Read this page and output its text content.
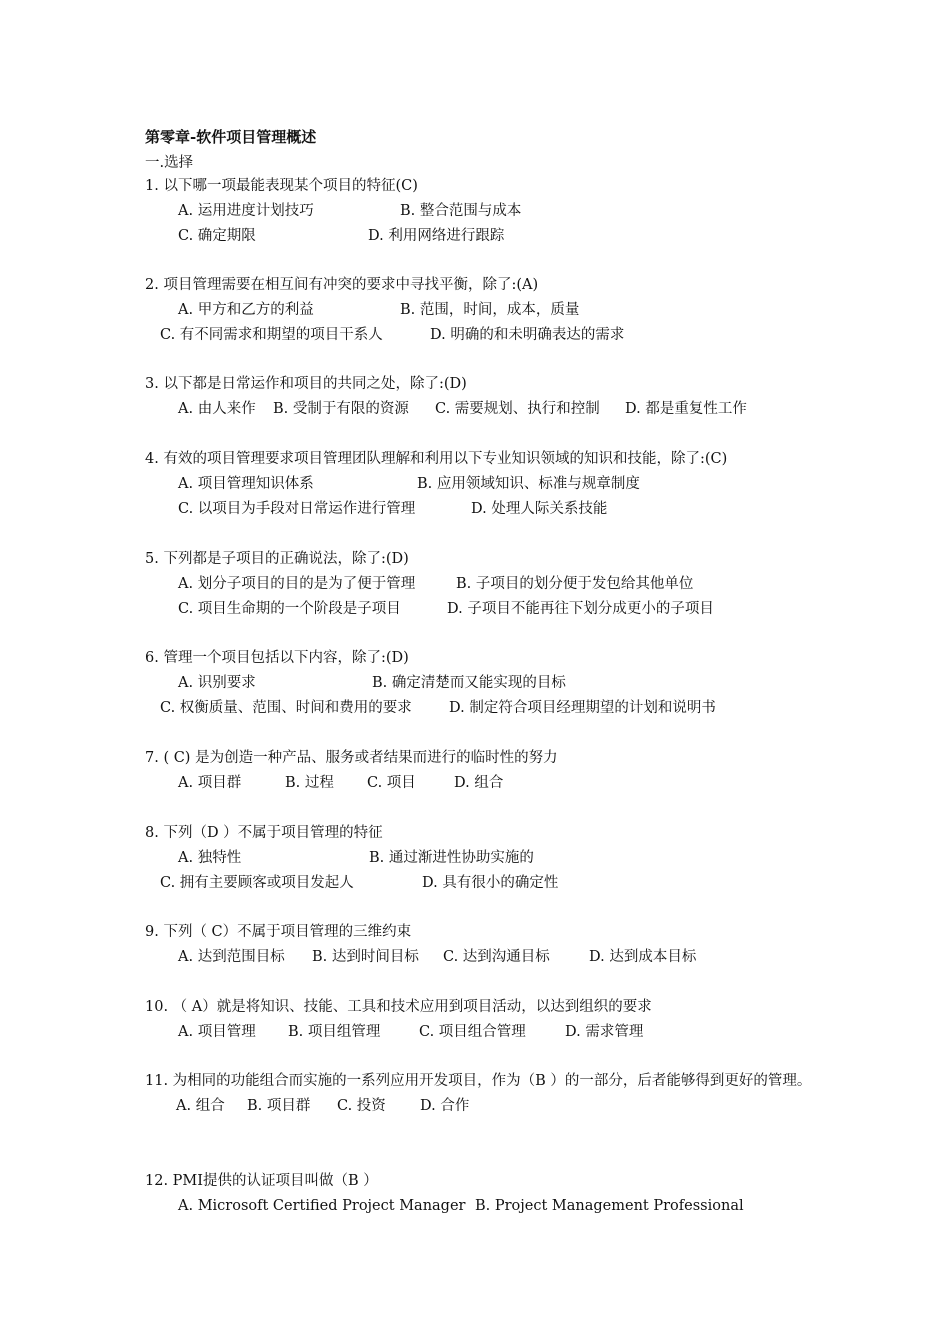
第零章-软件项目管理概述
一.选择
1. 以下哪一项最能表现某个项目的特征(C)
A. 运用进度计划技巧	B. 整合范围与成本
C. 确定期限	D. 利用网络进行跟踪
2. 项目管理需要在相互间有冲突的要求中寻找平衡，除了:(A)
A. 甲方和乙方的利益	B. 范围，时间，成本，质量
C. 有不同需求和期望的项目干系人	D. 明确的和未明确表达的需求
3. 以下都是日常运作和项目的共同之处，除了:(D)
A. 由人来作 B. 受制于有限的资源 C. 需要规划、执行和控制 D. 都是重复性工作
4. 有效的项目管理要求项目管理团队理解和利用以下专业知识领域的知识和技能，除了:(C)
A. 项目管理知识体系	B. 应用领域知识、标准与规章制度
C. 以项目为手段对日常运作进行管理	D. 处理人际关系技能
5. 下列都是子项目的正确说法，除了:(D)
A. 划分子项目的目的是为了便于管理	B. 子项目的划分便于发包给其他单位
C. 项目生命期的一个阶段是子项目	D. 子项目不能再往下划分成更小的子项目
6. 管理一个项目包括以下内容，除了:(D)
A. 识别要求	B. 确定清楚而又能实现的目标
C. 权衡质量、范围、时间和费用的要求	D. 制定符合项目经理期望的计划和说明书
7. ( C) 是为创造一种产品、服务或者结果而进行的临时性的努力
A. 项目群	B. 过程 C. 项目	D. 组合
8. 下列（D ）不属于项目管理的特征
A. 独特性	B. 通过渐进性协助实施的
C. 拥有主要顾客或项目发起人	D. 具有很小的确定性
9. 下列（ C）不属于项目管理的三维约束
A. 达到范围目标 B. 达到时间目标 C. 达到沟通目标	D. 达到成本目标
10. （ A）就是将知识、技能、工具和技术应用到项目活动，以达到组织的要求
A. 项目管理 B. 项目组管理	C. 项目组合管理	D. 需求管理
11. 为相同的功能组合而实施的一系列应用开发项目，作为（B ）的一部分，后者能够得到更好的管理。
A. 组合 B. 项目群 C. 投资 D. 合作
12. PMI提供的认证项目叫做（B ）
A. Microsoft Certified Project Manager B. Project Management Professional
